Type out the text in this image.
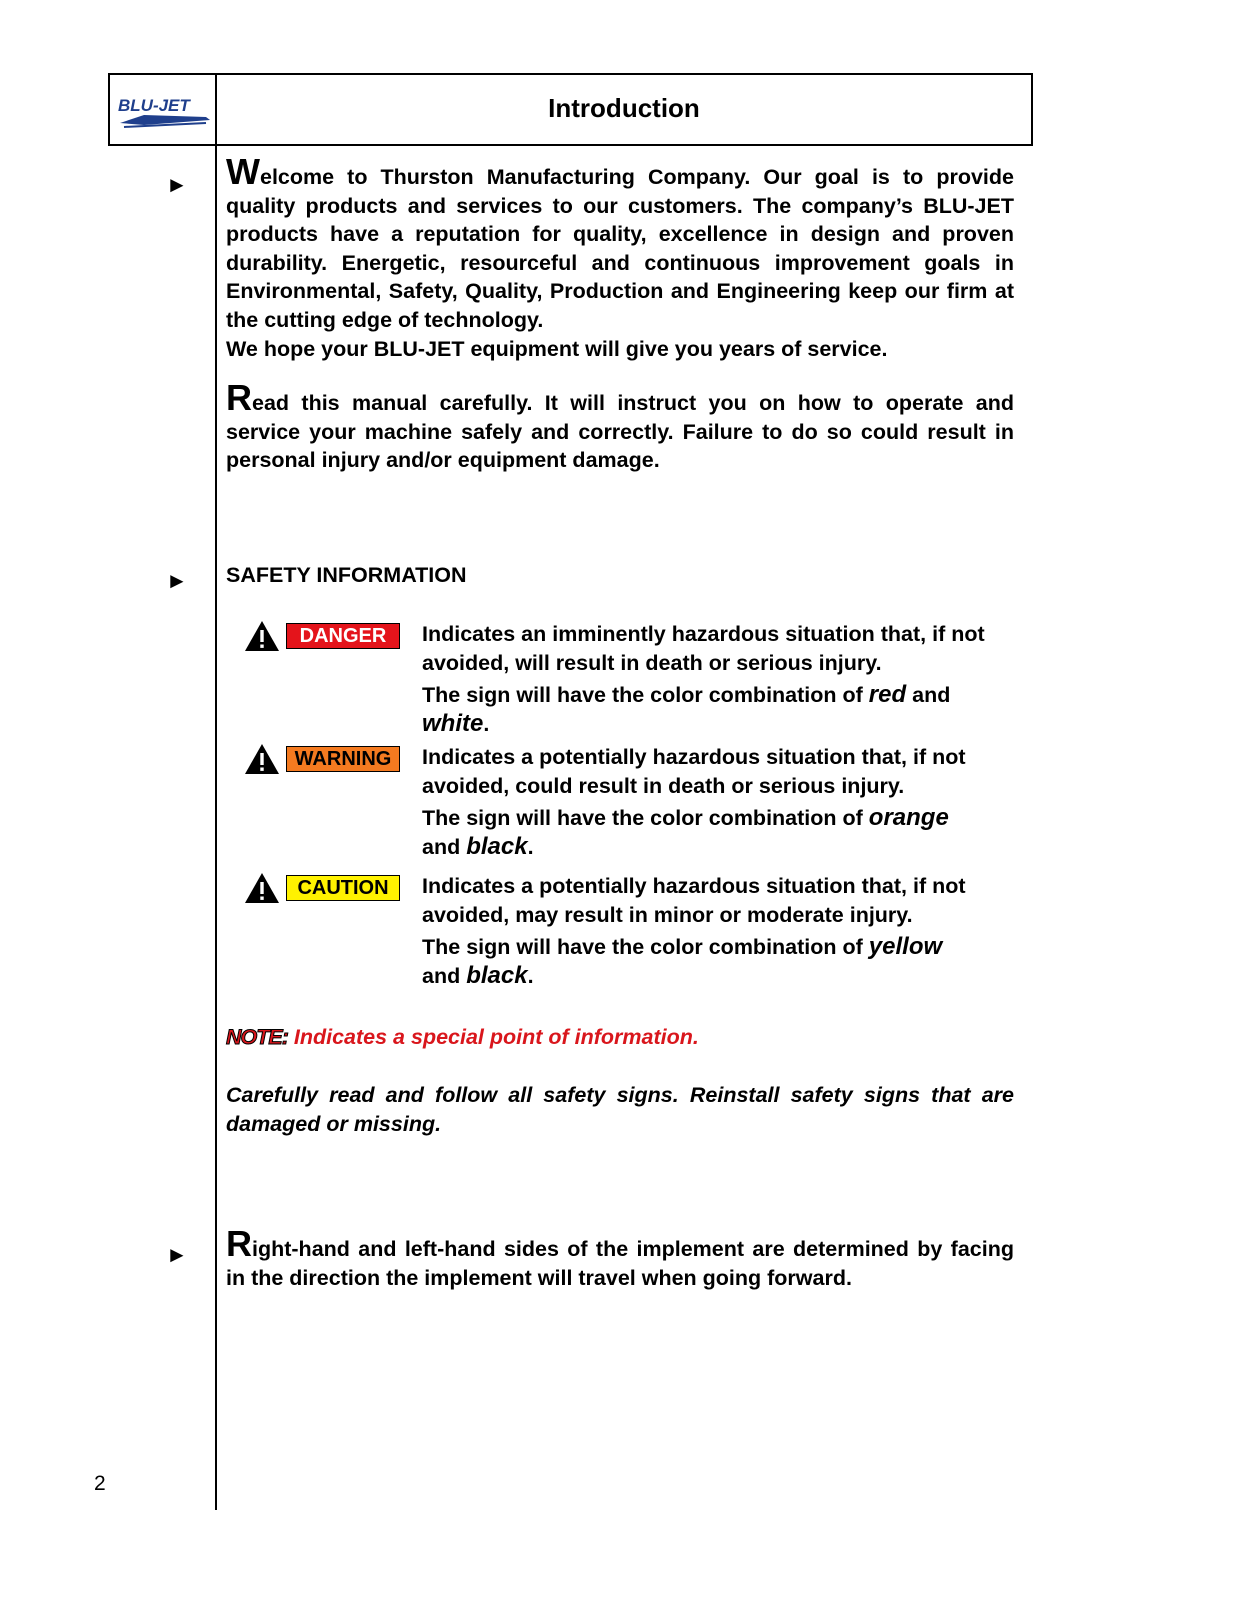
BLU-JET	Introduction
► Welcome to Thurston Manufacturing Company. Our goal is to provide quality products and services to our customers. The company’s BLU-JET products have a reputation for quality, excellence in design and proven durability. Energetic, resourceful and continuous improvement goals in Environmental, Safety, Quality, Production and Engineering keep our firm at the cutting edge of technology.

We hope your BLU-JET equipment will give you years of service.

Read this manual carefully. It will instruct you on how to operate and service your machine safely and correctly. Failure to do so could result in personal injury and/or equipment damage.

► SAFETY INFORMATION
DANGER	Indicates an imminently hazardous situation that, if not avoided, will result in death or serious injury.
The sign will have the color combination of red and
white.
WARNING	Indicates a potentially hazardous situation that, if not avoided, could result in death or serious injury.
The sign will have the color combination of orange
and black.
CAUTION	Indicates a potentially hazardous situation that, if not avoided, may result in minor or moderate injury.
The sign will have the color combination of yellow
and black.
NOTE: Indicates a special point of information.
Carefully read and follow all safety signs. Reinstall safety signs that are damaged or missing.
► Right-hand and left-hand sides of the implement are determined by facing in the direction the implement will travel when going forward.

2
